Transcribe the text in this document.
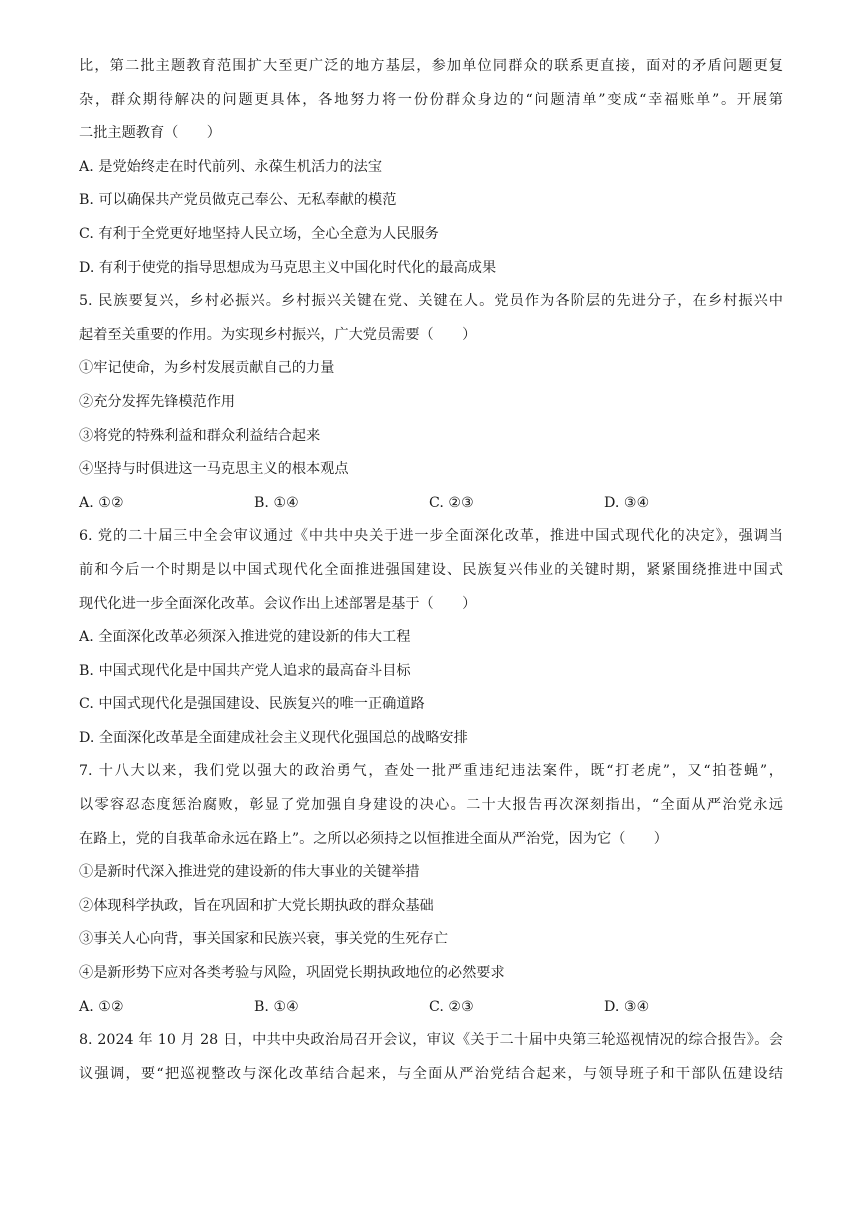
比，第二批主题教育范围扩大至更广泛的地方基层，参加单位同群众的联系更直接，面对的矛盾问题更复
杂，群众期待解决的问题更具体，各地努力将一份份群众身边的“问题清单”变成“幸福账单”。开展第
二批主题教育（　　）
A. 是党始终走在时代前列、永葆生机活力的法宝
B. 可以确保共产党员做克己奉公、无私奉献的模范
C. 有利于全党更好地坚持人民立场，全心全意为人民服务
D. 有利于使党的指导思想成为马克思主义中国化时代化的最高成果
5. 民族要复兴，乡村必振兴。乡村振兴关键在党、关键在人。党员作为各阶层的先进分子，在乡村振兴中
起着至关重要的作用。为实现乡村振兴，广大党员需要（　　）
①牢记使命，为乡村发展贡献自己的力量
②充分发挥先锋模范作用
③将党的特殊利益和群众利益结合起来
④坚持与时俱进这一马克思主义的根本观点
A. ①②	B. ①④	C. ②③	D. ③④
6. 党的二十届三中全会审议通过《中共中央关于进一步全面深化改革，推进中国式现代化的决定》，强调当
前和今后一个时期是以中国式现代化全面推进强国建设、民族复兴伟业的关键时期，紧紧围绕推进中国式
现代化进一步全面深化改革。会议作出上述部署是基于（　　）
A. 全面深化改革必须深入推进党的建设新的伟大工程
B. 中国式现代化是中国共产党人追求的最高奋斗目标
C. 中国式现代化是强国建设、民族复兴的唯一正确道路
D. 全面深化改革是全面建成社会主义现代化强国总的战略安排
7. 十八大以来，我们党以强大的政治勇气，查处一批严重违纪违法案件，既“打老虎”，又“拍苍蝇”，
以零容忍态度惩治腐败，彰显了党加强自身建设的决心。二十大报告再次深刻指出，“全面从严治党永远
在路上，党的自我革命永远在路上”。之所以必须持之以恒推进全面从严治党，因为它（　　）
①是新时代深入推进党的建设新的伟大事业的关键举措
②体现科学执政，旨在巩固和扩大党长期执政的群众基础
③事关人心向背，事关国家和民族兴衰，事关党的生死存亡
④是新形势下应对各类考验与风险，巩固党长期执政地位的必然要求
A. ①②	B. ①④	C. ②③	D. ③④
8. 2024 年 10 月 28 日，中共中央政治局召开会议，审议《关于二十届中央第三轮巡视情况的综合报告》。会
议强调，要“把巡视整改与深化改革结合起来，与全面从严治党结合起来，与领导班子和干部队伍建设结
